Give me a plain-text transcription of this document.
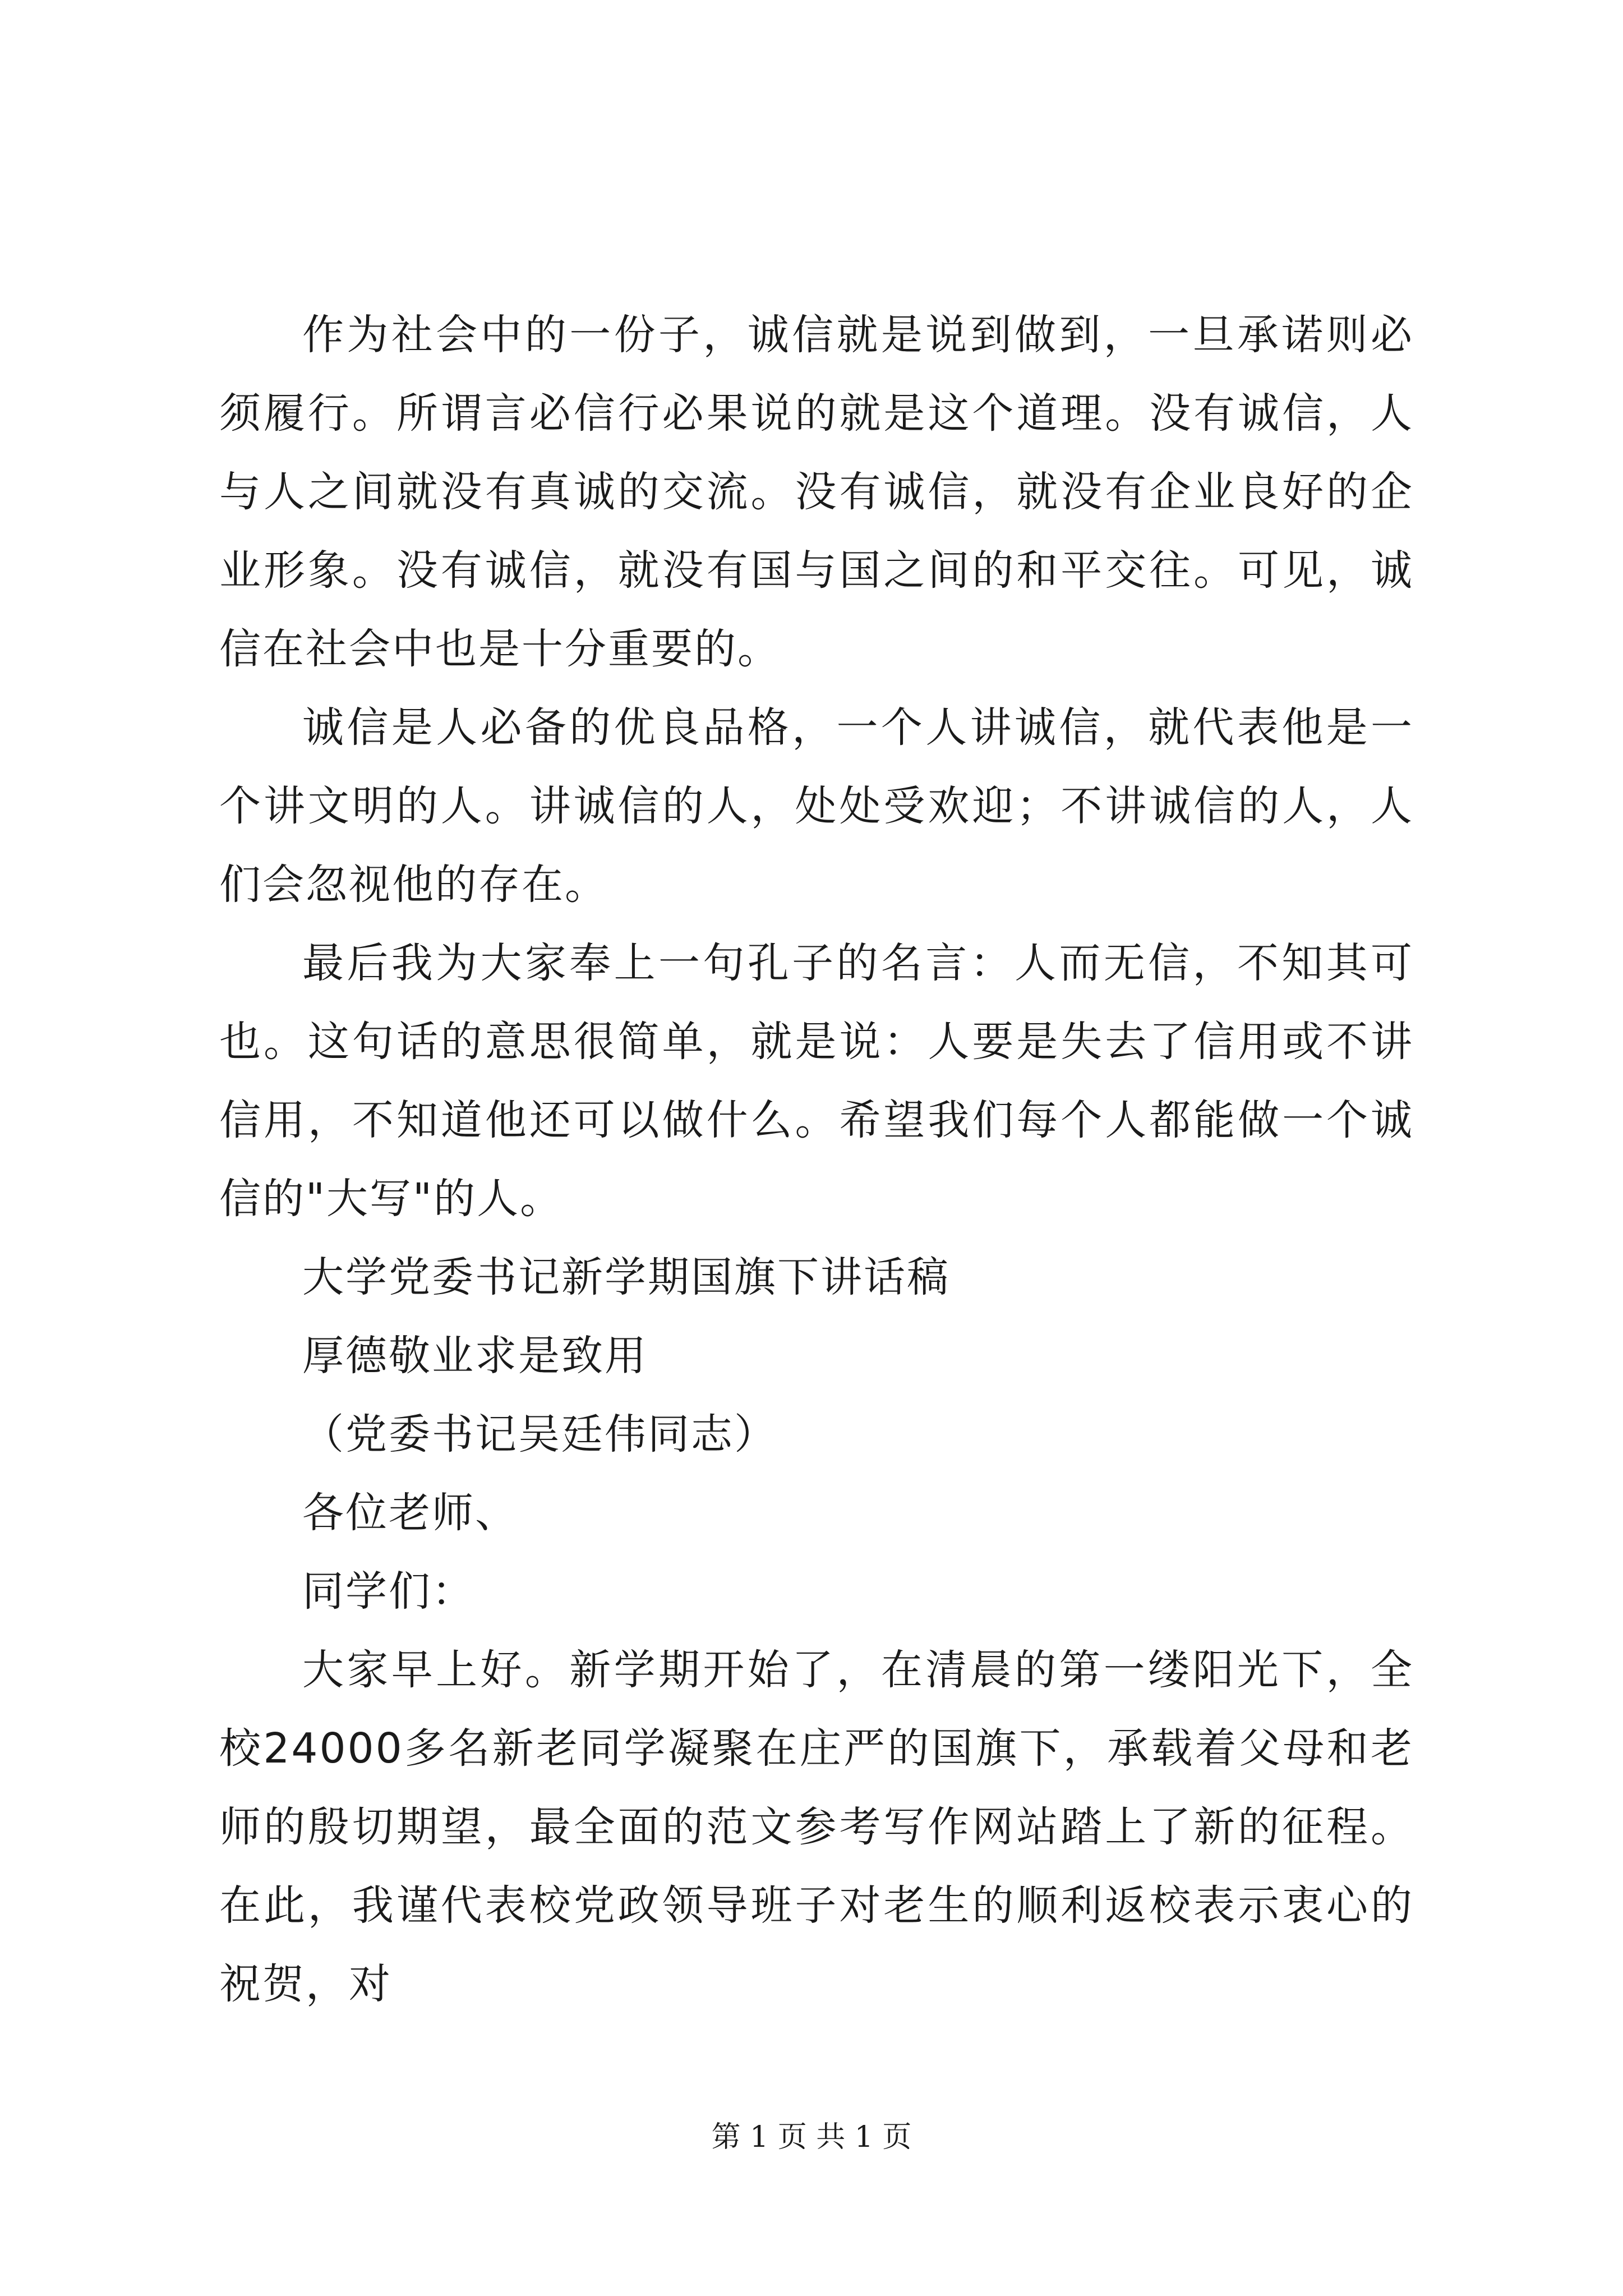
作为社会中的一份子，诚信就是说到做到，一旦承诺则必须履行。所谓言必信行必果说的就是这个道理。没有诚信，人与人之间就没有真诚的交流。没有诚信，就没有企业良好的企业形象。没有诚信，就没有国与国之间的和平交往。可见，诚信在社会中也是十分重要的。

诚信是人必备的优良品格，一个人讲诚信，就代表他是一个讲文明的人。讲诚信的人，处处受欢迎；不讲诚信的人，人们会忽视他的存在。

最后我为大家奉上一句孔子的名言：人而无信，不知其可也。这句话的意思很简单，就是说：人要是失去了信用或不讲信用，不知道他还可以做什么。希望我们每个人都能做一个诚信的"大写"的人。

大学党委书记新学期国旗下讲话稿

厚德敬业求是致用

（党委书记吴廷伟同志）

各位老师、

同学们：

大家早上好。新学期开始了，在清晨的第一缕阳光下，全校24000多名新老同学凝聚在庄严的国旗下，承载着父母和老师的殷切期望，最全面的范文参考写作网站踏上了新的征程。在此，我谨代表校党政领导班子对老生的顺利返校表示衷心的祝贺，对

第 1 页 共 1 页
